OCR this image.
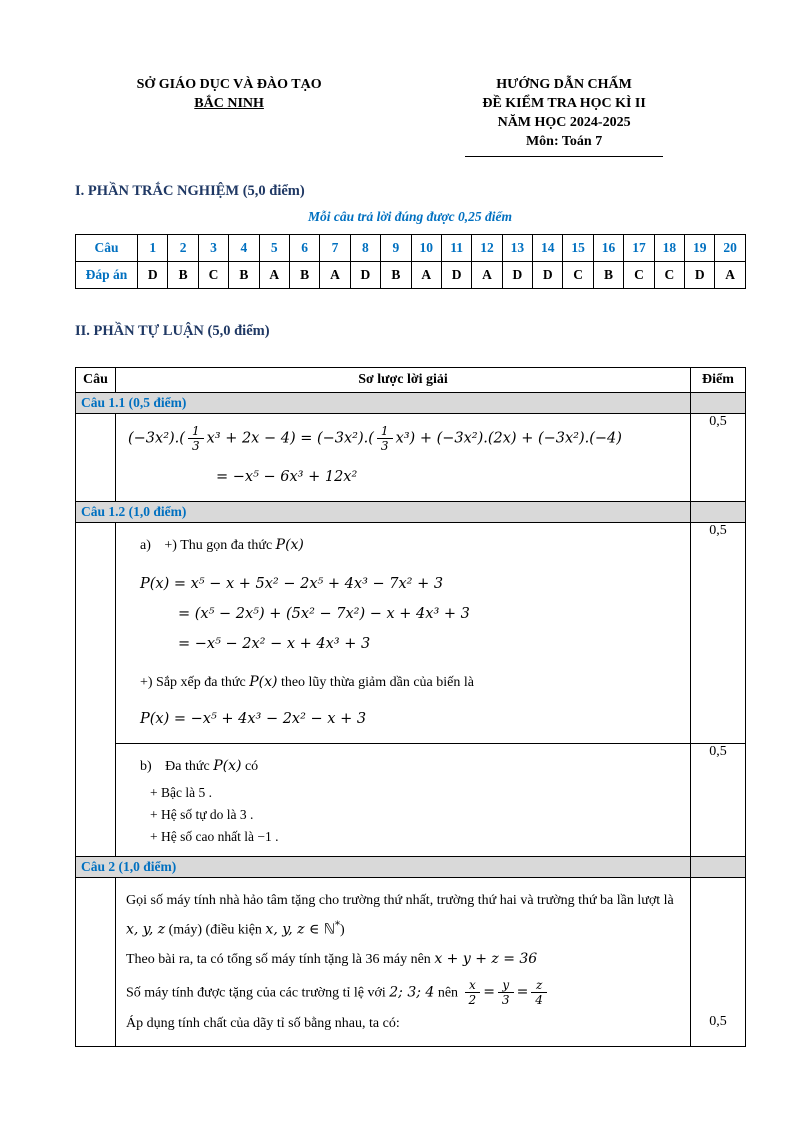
SỞ GIÁO DỤC VÀ ĐÀO TẠO
BẮC NINH
HƯỚNG DẪN CHẤM
ĐỀ KIỂM TRA HỌC KÌ II
NĂM HỌC 2024-2025
Môn: Toán 7
I. PHẦN TRẮC NGHIỆM (5,0 điểm)
Mỗi câu trả lời đúng được 0,25 điểm
Câu	1	2	3	4	5	6	7	8	9	10	11	12	13	14	15	16	17	18	19	20
Đáp án	D	B	C	B	A	B	A	D	B	A	D	A	D	D	C	B	C	C	D	A
II. PHẦN TỰ LUẬN (5,0 điểm)
Câu	Sơ lược lời giải	Điểm
Câu 1.1 (0,5 điểm)		

$(-3x^2).( \frac{1}{3} x^3 + 2x - 4) = (-3x^2).( \frac{1}{3} x^3) + (-3x^2).(2x) + (-3x^2).(-4)$
= −x⁵ − 6x³ + 12x²
	0,5
Câu 1.2 (1,0 điểm)		

a) +) Thu gọn đa thức P(x)
P(x) = x⁵ − x + 5x² − 2x⁵ + 4x³ − 7x² + 3
= (x⁵ − 2x⁵) + (5x² − 7x²) − x + 4x³ + 3
= −x⁵ − 2x² − x + 4x³ + 3
+) Sắp xếp đa thức P(x) theo lũy thừa giảm dần của biến là
P(x) = −x⁵ + 4x³ − 2x² − x + 3
	0,5

	b) Đa thức P(x) có
+ Bậc là 5 .
+ Hệ số tự do là 3 .
+ Hệ số cao nhất là −1 .	0,5
Câu 2 (1,0 điểm)		

Gọi số máy tính nhà hảo tâm tặng cho trường thứ nhất, trường thứ hai và trường thứ ba lần lượt là x, y, z (máy) (điều kiện x, y, z ∈ ℕ*)
Theo bài ra, ta có tổng số máy tính tặng là 36 máy nên x + y + z = 36
Số máy tính được tặng của các trường tỉ lệ với 2; 3; 4 nên $\frac{x}{2} = \frac{y}{3} = \frac{z}{4}$
Áp dụng tính chất của dãy tỉ số bằng nhau, ta có:	0,5
